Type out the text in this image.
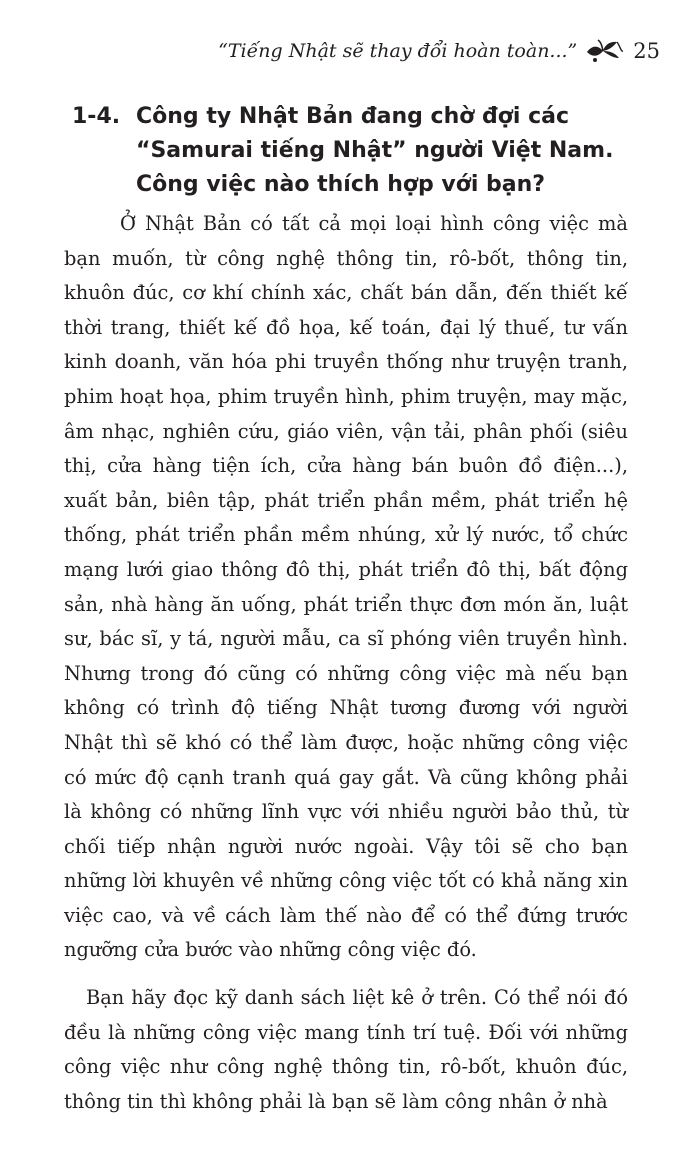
“Tiếng Nhật sẽ thay đổi hoàn toàn...”	25
1-4. Công ty Nhật Bản đang chờ đợi các “Samurai tiếng Nhật” người Việt Nam. Công việc nào thích hợp với bạn?

Ở Nhật Bản có tất cả mọi loại hình công việc mà bạn muốn, từ công nghệ thông tin, rô-bốt, thông tin, khuôn đúc, cơ khí chính xác, chất bán dẫn, đến thiết kế thời trang, thiết kế đồ họa, kế toán, đại lý thuế, tư vấn kinh doanh, văn hóa phi truyền thống như truyện tranh, phim hoạt họa, phim truyền hình, phim truyện, may mặc, âm nhạc, nghiên cứu, giáo viên, vận tải, phân phối (siêu thị, cửa hàng tiện ích, cửa hàng bán buôn đồ điện...), xuất bản, biên tập, phát triển phần mềm, phát triển hệ thống, phát triển phần mềm nhúng, xử lý nước, tổ chức mạng lưới giao thông đô thị, phát triển đô thị, bất động sản, nhà hàng ăn uống, phát triển thực đơn món ăn, luật sư, bác sĩ, y tá, người mẫu, ca sĩ phóng viên truyền hình. Nhưng trong đó cũng có những công việc mà nếu bạn không có trình độ tiếng Nhật tương đương với người Nhật thì sẽ khó có thể làm được, hoặc những công việc có mức độ cạnh tranh quá gay gắt. Và cũng không phải là không có những lĩnh vực với nhiều người bảo thủ, từ chối tiếp nhận người nước ngoài. Vậy tôi sẽ cho bạn những lời khuyên về những công việc tốt có khả năng xin việc cao, và về cách làm thế nào để có thể đứng trước ngưỡng cửa bước vào những công việc đó.

Bạn hãy đọc kỹ danh sách liệt kê ở trên. Có thể nói đó đều là những công việc mang tính trí tuệ. Đối với những công việc như công nghệ thông tin, rô-bốt, khuôn đúc, thông tin thì không phải là bạn sẽ làm công nhân ở nhà
